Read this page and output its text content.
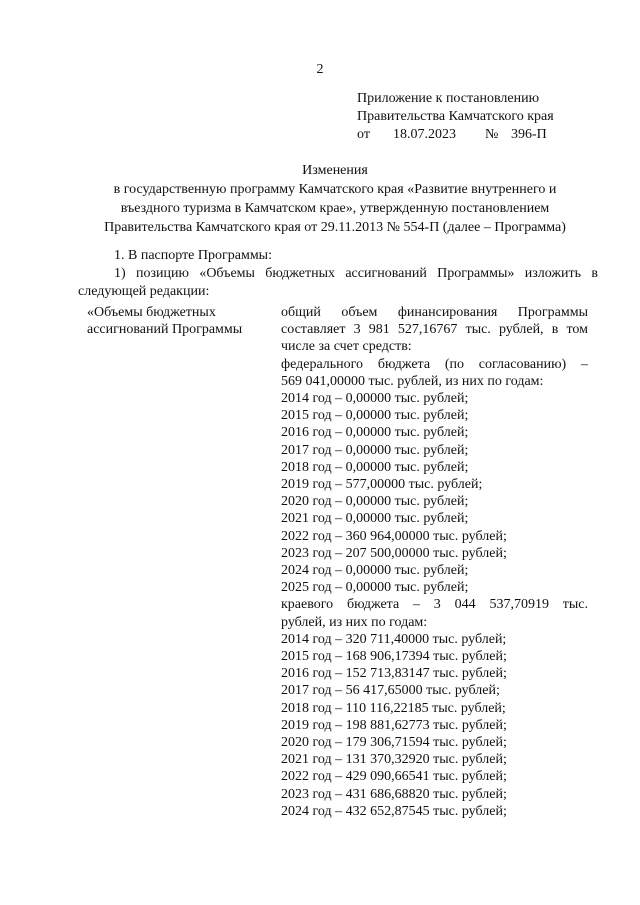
2
Приложение к постановлению
Правительства Камчатского края
от 18.07.2023 № 396-П
Изменения
в государственную программу Камчатского края «Развитие внутреннего и
въездного туризма в Камчатском крае», утвержденную постановлением
Правительства Камчатского края от 29.11.2013 № 554-П (далее – Программа)
1. В паспорте Программы:
1) позицию «Объемы бюджетных ассигнований Программы» изложить в
следующей редакции:
«Объемы бюджетных
ассигнований Программы
общий объем финансирования Программы
составляет 3 981 527,16767 тыс. рублей, в том
числе за счет средств:
федерального бюджета (по согласованию) –
569 041,00000 тыс. рублей, из них по годам:
2014 год – 0,00000 тыс. рублей;
2015 год – 0,00000 тыс. рублей;
2016 год – 0,00000 тыс. рублей;
2017 год – 0,00000 тыс. рублей;
2018 год – 0,00000 тыс. рублей;
2019 год – 577,00000 тыс. рублей;
2020 год – 0,00000 тыс. рублей;
2021 год – 0,00000 тыс. рублей;
2022 год – 360 964,00000 тыс. рублей;
2023 год – 207 500,00000 тыс. рублей;
2024 год – 0,00000 тыс. рублей;
2025 год – 0,00000 тыс. рублей;
краевого бюджета – 3 044 537,70919 тыс.
рублей, из них по годам:
2014 год – 320 711,40000 тыс. рублей;
2015 год – 168 906,17394 тыс. рублей;
2016 год – 152 713,83147 тыс. рублей;
2017 год – 56 417,65000 тыс. рублей;
2018 год – 110 116,22185 тыс. рублей;
2019 год – 198 881,62773 тыс. рублей;
2020 год – 179 306,71594 тыс. рублей;
2021 год – 131 370,32920 тыс. рублей;
2022 год – 429 090,66541 тыс. рублей;
2023 год – 431 686,68820 тыс. рублей;
2024 год – 432 652,87545 тыс. рублей;
